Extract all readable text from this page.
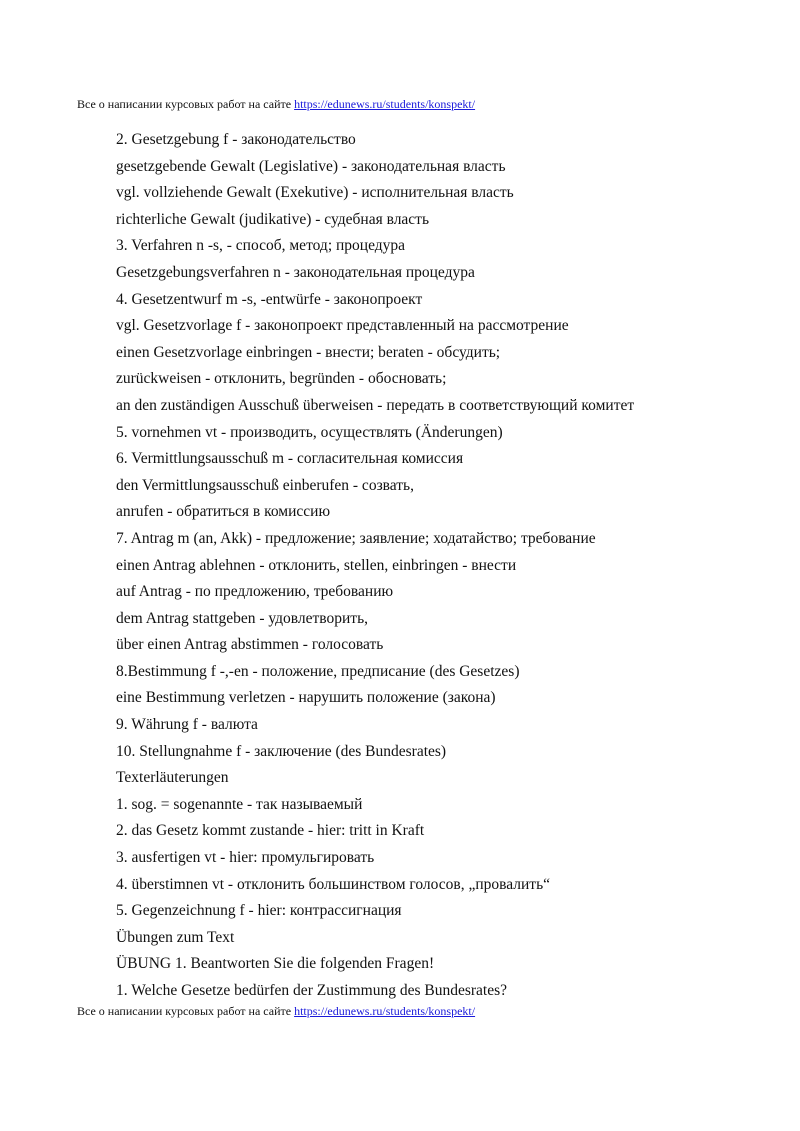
Все о написании курсовых работ на сайте https://edunews.ru/students/konspekt/
2. Gesetzgebung f - законодательство
gesetzgebende Gewalt (Legislative) - законодательная власть
vgl. vollziehende Gewalt (Exekutive) - исполнительная власть
richterliche Gewalt (judikative) - судебная власть
3. Verfahren n -s, - способ, метод; процедура
Gesetzgebungsverfahren n - законодательная процедура
4. Gesetzentwurf m -s, -entwürfe - законопроект
vgl. Gesetzvorlage f - законопроект представленный на рассмотрение
einen Gesetzvorlage einbringen - внести; beraten - обсудить;
zurückweisen - отклонить, begründen - обосновать;
an den zuständigen Ausschuß überweisen - передать в соответствующий комитет
5. vornehmen vt - производить, осуществлять (Änderungen)
6. Vermittlungsausschuß m - согласительная комиссия
den Vermittlungsausschuß einberufen - созвать,
anrufen - обратиться в комиссию
7. Antrag m (an, Akk) - предложение; заявление; ходатайство; требование
einen Antrag ablehnen - отклонить, stellen, einbringen - внести
auf Antrag - по предложению, требованию
dem Antrag stattgeben - удовлетворить,
über einen Antrag abstimmen - голосовать
8.Bestimmung f -,-en - положение, предписание (des Gesetzes)
eine Bestimmung verletzen - нарушить положение (закона)
9. Währung f - валюта
10. Stellungnahme f - заключение (des Bundesrates)
Texterläuterungen
1. sog. = sogenannte - так называемый
2. das Gesetz kommt zustande - hier: tritt in Kraft
3. ausfertigen vt - hier: промульгировать
4. überstimnen vt - отклонить большинством голосов, „провалить“
5. Gegenzeichnung f - hier: контрассигнация
Übungen zum Text
ÜBUNG 1. Beantworten Sie die folgenden Fragen!
1. Welche Gesetze bedürfen der Zustimmung des Bundesrates?
Все о написании курсовых работ на сайте https://edunews.ru/students/konspekt/
